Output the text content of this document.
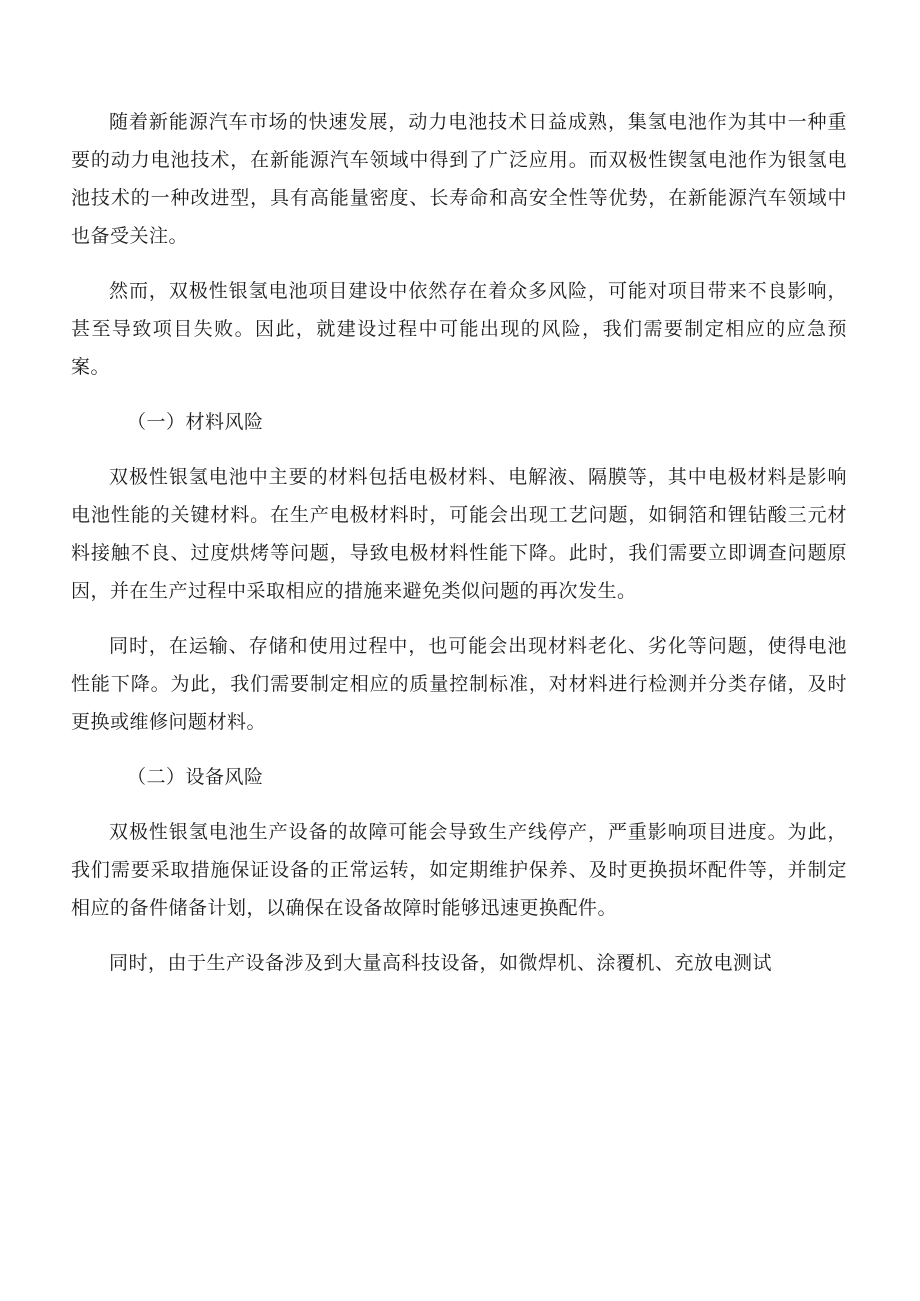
随着新能源汽车市场的快速发展，动力电池技术日益成熟，集氢电池作为其中一种重要的动力电池技术，在新能源汽车领域中得到了广泛应用。而双极性锲氢电池作为银氢电池技术的一种改进型，具有高能量密度、长寿命和高安全性等优势，在新能源汽车领域中也备受关注。

然而，双极性银氢电池项目建设中依然存在着众多风险，可能对项目带来不良影响，甚至导致项目失败。因此，就建设过程中可能出现的风险，我们需要制定相应的应急预案。

（一）材料风险

双极性银氢电池中主要的材料包括电极材料、电解液、隔膜等，其中电极材料是影响电池性能的关键材料。在生产电极材料时，可能会出现工艺问题，如铜箔和锂钻酸三元材料接触不良、过度烘烤等问题，导致电极材料性能下降。此时，我们需要立即调查问题原因，并在生产过程中采取相应的措施来避免类似问题的再次发生。

同时，在运输、存储和使用过程中，也可能会出现材料老化、劣化等问题，使得电池性能下降。为此，我们需要制定相应的质量控制标准，对材料进行检测并分类存储，及时更换或维修问题材料。

（二）设备风险

双极性银氢电池生产设备的故障可能会导致生产线停产，严重影响项目进度。为此，我们需要采取措施保证设备的正常运转，如定期维护保养、及时更换损坏配件等，并制定相应的备件储备计划，以确保在设备故障时能够迅速更换配件。

同时，由于生产设备涉及到大量高科技设备，如微焊机、涂覆机、充放电测试
